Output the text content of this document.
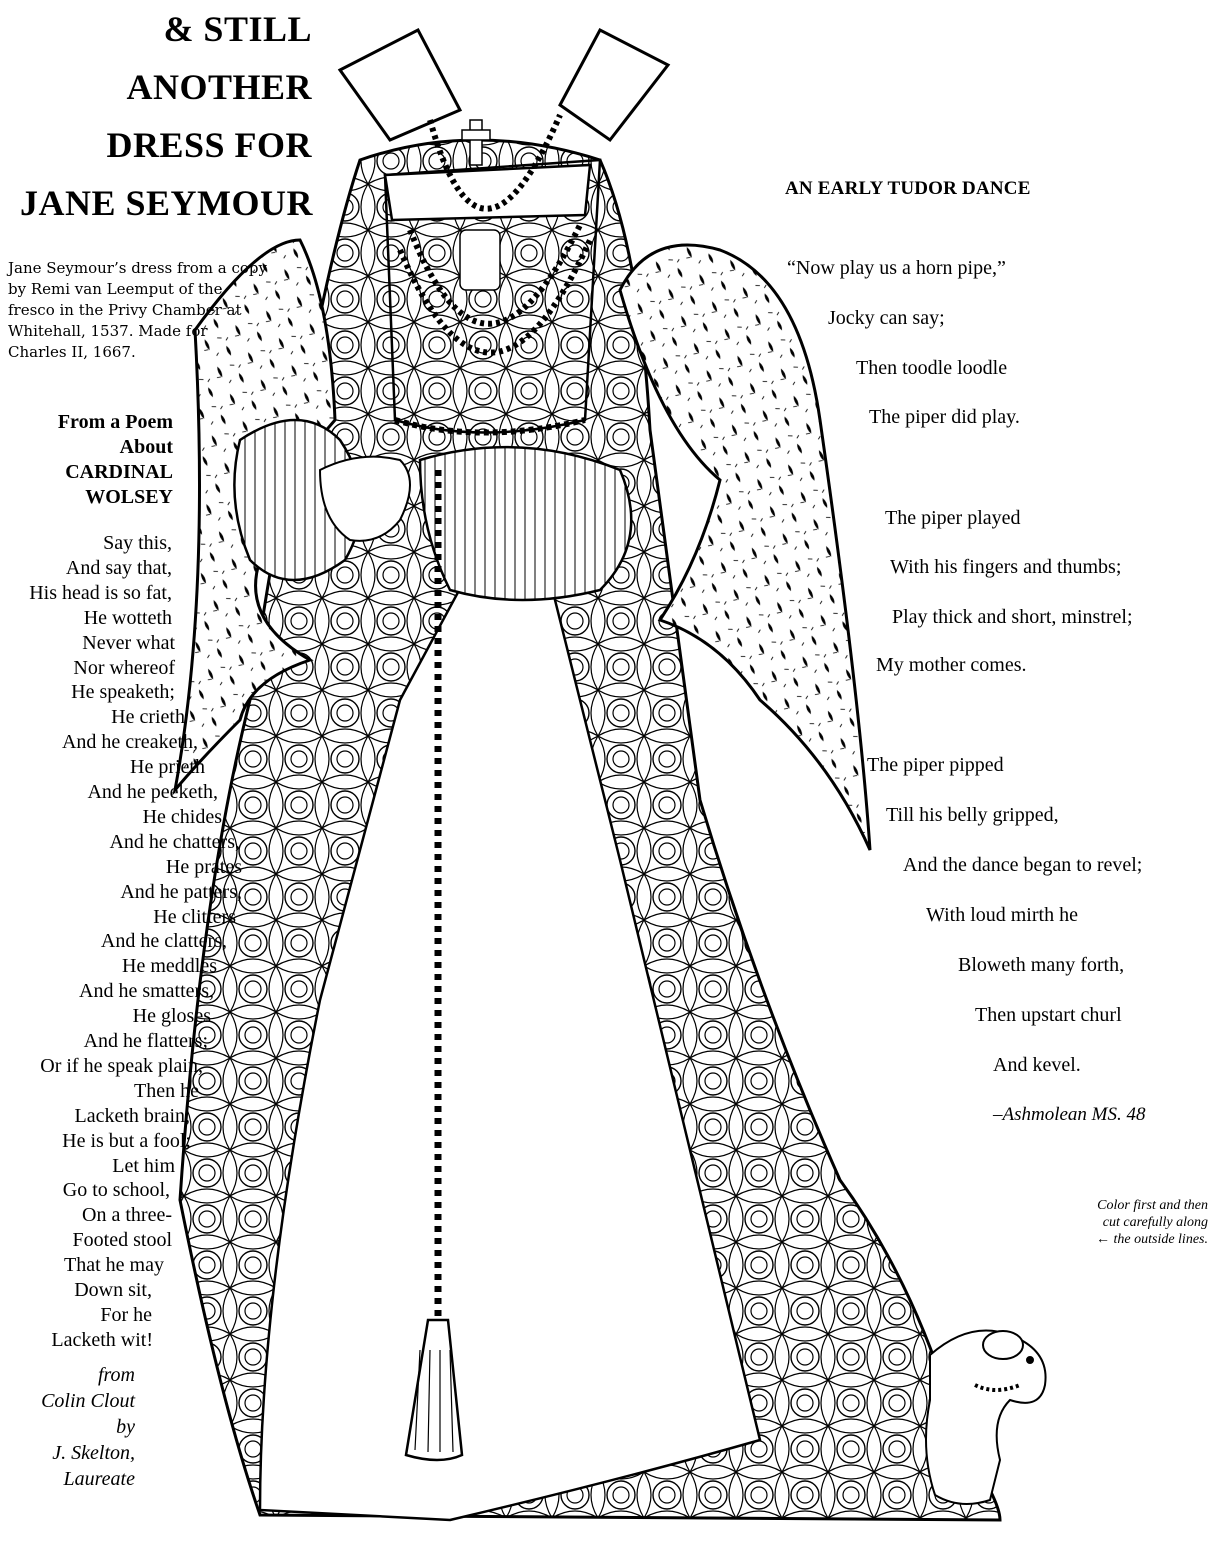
& STILL
ANOTHER
DRESS FOR
JANE SEYMOUR
Jane Seymour’s dress from a copy
by Remi van Leemput of the
fresco in the Privy Chamber at
Whitehall, 1537. Made for
Charles II, 1667.
From a Poem
About
CARDINAL
WOLSEY
Say this,
And say that,
His head is so fat,
He wotteth
Never what
Nor whereof
He speaketh;
He crieth
And he creaketh,
He prieth
And he peeketh,
He chides
And he chatters,
He prates
And he patters,
He clitters
And he clatters,
He meddles
And he smatters,
He gloses
And he flatters;
Or if he speak plain,
Then he
Lacketh brain,
He is but a fool;
Let him
Go to school,
On a three-
Footed stool
That he may
Down sit,
For he
Lacketh wit!
from
Colin Clout
by
J. Skelton,
Laureate
AN EARLY TUDOR DANCE
“Now play us a horn pipe,”
Jocky can say;
Then toodle loodle
The piper did play.
The piper played
With his fingers and thumbs;
Play thick and short, minstrel;
My mother comes.
The piper pipped
Till his belly gripped,
And the dance began to revel;
With loud mirth he
Bloweth many forth,
Then upstart churl
And kevel.
–Ashmolean MS. 48
Color first and then
cut carefully along
← the outside lines.
